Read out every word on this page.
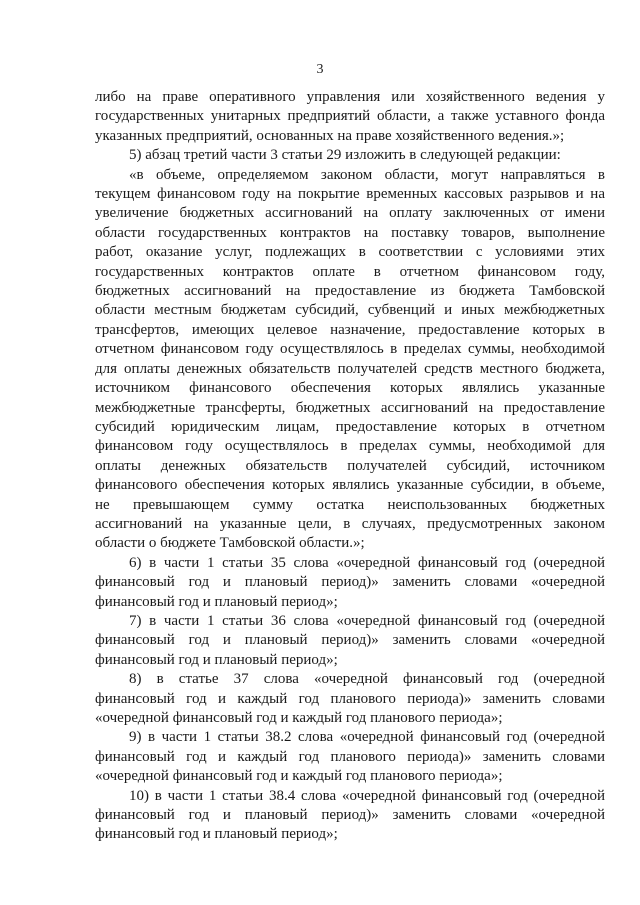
3
либо на праве оперативного управления или хозяйственного ведения у
государственных унитарных предприятий области, а также уставного фонда
указанных предприятий, основанных на праве хозяйственного ведения.»;
5) абзац третий части 3 статьи 29 изложить в следующей редакции:
«в объеме, определяемом законом области, могут направляться в
текущем финансовом году на покрытие временных кассовых разрывов и на
увеличение бюджетных ассигнований на оплату заключенных от имени
области государственных контрактов на поставку товаров, выполнение
работ, оказание услуг, подлежащих в соответствии с условиями этих
государственных контрактов оплате в отчетном финансовом году,
бюджетных ассигнований на предоставление из бюджета Тамбовской
области местным бюджетам субсидий, субвенций и иных межбюджетных
трансфертов, имеющих целевое назначение, предоставление которых в
отчетном финансовом году осуществлялось в пределах суммы, необходимой
для оплаты денежных обязательств получателей средств местного бюджета,
источником финансового обеспечения которых являлись указанные
межбюджетные трансферты, бюджетных ассигнований на предоставление
субсидий юридическим лицам, предоставление которых в отчетном
финансовом году осуществлялось в пределах суммы, необходимой для
оплаты денежных обязательств получателей субсидий, источником
финансового обеспечения которых являлись указанные субсидии, в объеме,
не превышающем сумму остатка неиспользованных бюджетных
ассигнований на указанные цели, в случаях, предусмотренных законом
области о бюджете Тамбовской области.»;
6) в части 1 статьи 35 слова «очередной финансовый год (очередной
финансовый год и плановый период)» заменить словами «очередной
финансовый год и плановый период»;
7) в части 1 статьи 36 слова «очередной финансовый год (очередной
финансовый год и плановый период)» заменить словами «очередной
финансовый год и плановый период»;
8) в статье 37 слова «очередной финансовый год (очередной
финансовый год и каждый год планового периода)» заменить словами
«очередной финансовый год и каждый год планового периода»;
9) в части 1 статьи 38.2 слова «очередной финансовый год (очередной
финансовый год и каждый год планового периода)» заменить словами
«очередной финансовый год и каждый год планового периода»;
10) в части 1 статьи 38.4 слова «очередной финансовый год (очередной
финансовый год и плановый период)» заменить словами «очередной
финансовый год и плановый период»;
